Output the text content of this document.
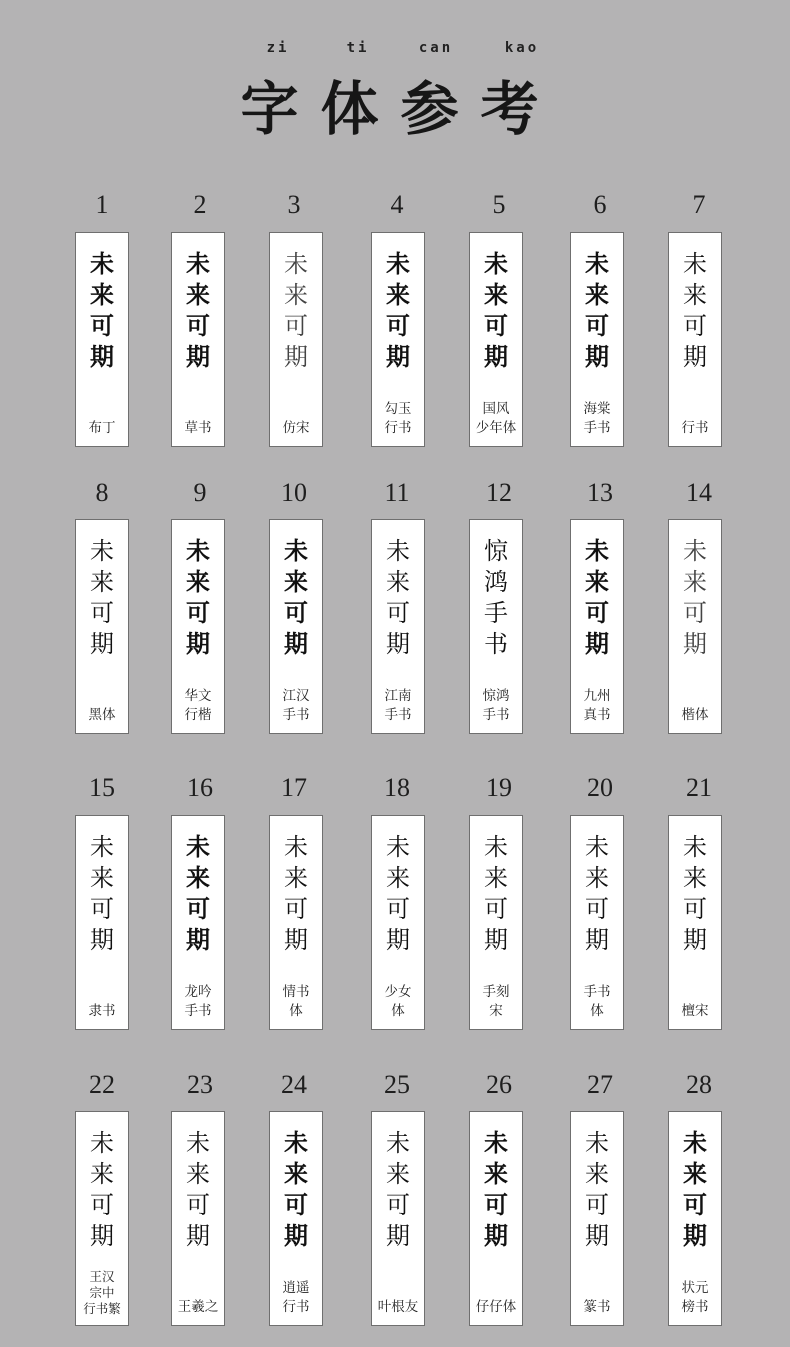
zi	ti	can	kao
字体参考
1
未
来
可
期
布丁
2
未
来
可
期
草书
3
未
来
可
期
仿宋
4
未
来
可
期
勾玉
行书
5
未
来
可
期
国风
少年体
6
未
来
可
期
海棠
手书
7
未
来
可
期
行书
8
未
来
可
期
黑体
9
未
来
可
期
华文
行楷
10
未
来
可
期
江汉
手书
11
未
来
可
期
江南
手书
12
惊
鸿
手
书
惊鸿
手书
13
未
来
可
期
九州
真书
14
未
来
可
期
楷体
15
未
来
可
期
隶书
16
未
来
可
期
龙吟
手书
17
未
来
可
期
情书
体
18
未
来
可
期
少女
体
19
未
来
可
期
手刻
宋
20
未
来
可
期
手书
体
21
未
来
可
期
檀宋
22
未
来
可
期
王汉
宗中
行书繁
23
未
来
可
期
王羲之
24
未
来
可
期
逍遥
行书
25
未
来
可
期
叶根友
26
未
来
可
期
仔仔体
27
未
来
可
期
篆书
28
未
来
可
期
状元
榜书
